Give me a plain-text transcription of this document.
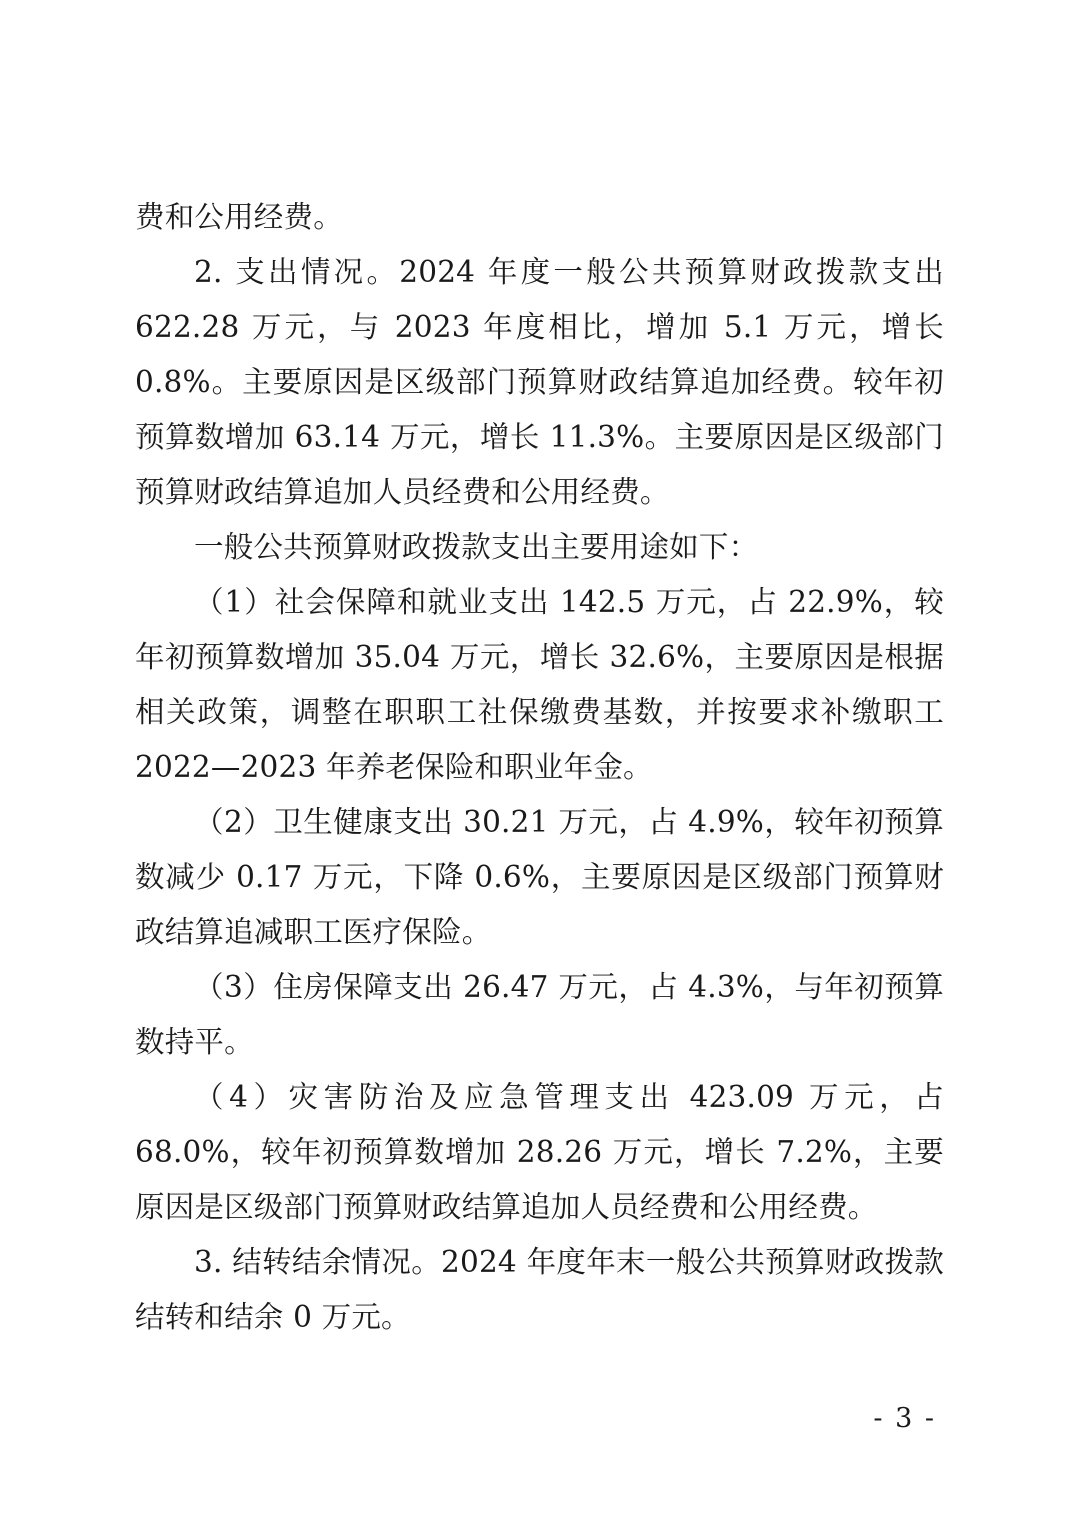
费和公用经费。

2. 支出情况。2024 年度一般公共预算财政拨款支出 622.28 万元，与 2023 年度相比，增加 5.1 万元，增长 0.8%。主要原因是区级部门预算财政结算追加经费。较年初预算数增加 63.14 万元，增长 11.3%。主要原因是区级部门预算财政结算追加人员经费和公用经费。

一般公共预算财政拨款支出主要用途如下：

（1）社会保障和就业支出 142.5 万元，占 22.9%，较年初预算数增加 35.04 万元，增长 32.6%，主要原因是根据相关政策，调整在职职工社保缴费基数，并按要求补缴职工 2022—2023 年养老保险和职业年金。

（2）卫生健康支出 30.21 万元，占 4.9%，较年初预算数减少 0.17 万元，下降 0.6%，主要原因是区级部门预算财政结算追减职工医疗保险。

（3）住房保障支出 26.47 万元，占 4.3%，与年初预算数持平。

（4）灾害防治及应急管理支出 423.09 万元，占 68.0%，较年初预算数增加 28.26 万元，增长 7.2%，主要原因是区级部门预算财政结算追加人员经费和公用经费。

3. 结转结余情况。2024 年度年末一般公共预算财政拨款结转和结余 0 万元。

- 3 -
